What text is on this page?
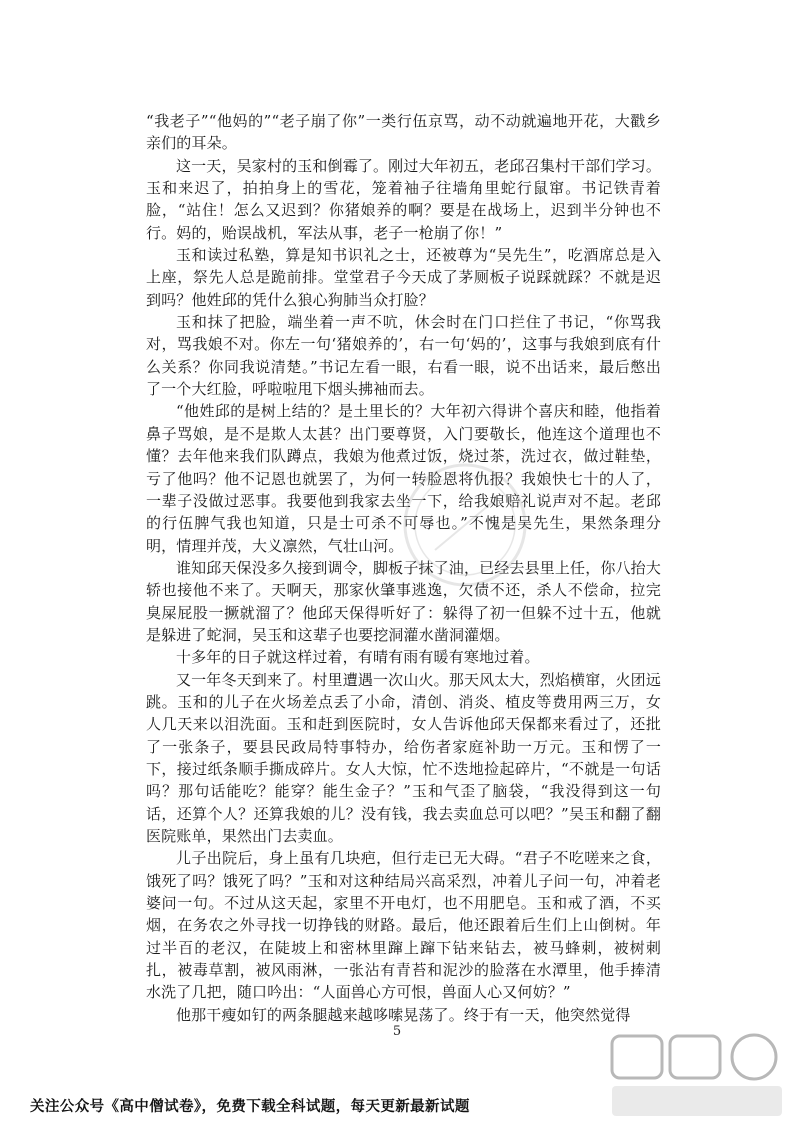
“我老子”“他妈的”“老子崩了你”一类行伍京骂，动不动就遍地开花，大戳乡亲们的耳朵。

这一天，吴家村的玉和倒霉了。刚过大年初五，老邱召集村干部们学习。玉和来迟了，拍拍身上的雪花，笼着袖子往墙角里蛇行鼠窜。书记铁青着脸，“站住！怎么又迟到？你猪娘养的啊？要是在战场上，迟到半分钟也不行。妈的，贻误战机，军法从事，老子一枪崩了你！”

玉和读过私塾，算是知书识礼之士，还被尊为“吴先生”，吃酒席总是入上座，祭先人总是跪前排。堂堂君子今天成了茅厕板子说踩就踩？不就是迟到吗？他姓邱的凭什么狼心狗肺当众打脸？

玉和抹了把脸，端坐着一声不吭，休会时在门口拦住了书记，“你骂我对，骂我娘不对。你左一句‘猪娘养的’，右一句‘妈的’，这事与我娘到底有什么关系？你同我说清楚。”书记左看一眼，右看一眼，说不出话来，最后憋出了一个大红脸，呼啦啦甩下烟头拂袖而去。

“他姓邱的是树上结的？是土里长的？大年初六得讲个喜庆和睦，他指着鼻子骂娘，是不是欺人太甚？出门要尊贤，入门要敬长，他连这个道理也不懂？去年他来我们队蹲点，我娘为他煮过饭，烧过茶，洗过衣，做过鞋垫，亏了他吗？他不记恩也就罢了，为何一转脸恩将仇报？我娘快七十的人了，一辈子没做过恶事。我要他到我家去坐一下，给我娘赔礼说声对不起。老邱的行伍脾气我也知道，只是士可杀不可辱也。”不愧是吴先生，果然条理分明，情理并茂，大义凛然，气壮山河。

谁知邱天保没多久接到调令，脚板子抹了油，已经去县里上任，你八抬大轿也接他不来了。天啊天，那家伙肇事逃逸，欠债不还，杀人不偿命，拉完臭屎屁股一撅就溜了？他邱天保得听好了：躲得了初一但躲不过十五，他就是躲进了蛇洞，吴玉和这辈子也要挖洞灌水凿洞灌烟。

十多年的日子就这样过着，有晴有雨有暖有寒地过着。

又一年冬天到来了。村里遭遇一次山火。那天风太大，烈焰横窜，火团远跳。玉和的儿子在火场差点丢了小命，清创、消炎、植皮等费用两三万，女人几天来以泪洗面。玉和赶到医院时，女人告诉他邱天保都来看过了，还批了一张条子，要县民政局特事特办，给伤者家庭补助一万元。玉和愣了一下，接过纸条顺手撕成碎片。女人大惊，忙不迭地捡起碎片，“不就是一句话吗？那句话能吃？能穿？能生金子？”玉和气歪了脑袋，“我没得到这一句话，还算个人？还算我娘的儿？没有钱，我去卖血总可以吧？”吴玉和翻了翻医院账单，果然出门去卖血。

儿子出院后，身上虽有几块疤，但行走已无大碍。“君子不吃嗟来之食，饿死了吗？饿死了吗？”玉和对这种结局兴高采烈，冲着儿子问一句，冲着老婆问一句。不过从这天起，家里不开电灯，也不用肥皂。玉和戒了酒，不买烟，在务农之外寻找一切挣钱的财路。最后，他还跟着后生们上山倒树。年过半百的老汉，在陡坡上和密林里蹿上蹿下钻来钻去，被马蜂刺，被树刺扎，被毒草割，被风雨淋，一张沾有青苔和泥沙的脸落在水潭里，他手捧清水洗了几把，随口吟出：“人面兽心方可恨，兽面人心又何妨？”

他那干瘦如钉的两条腿越来越哆嗦晃荡了。终于有一天，他突然觉得

5
关注公众号《高中僧试卷》，免费下载全科试题，每天更新最新试题
